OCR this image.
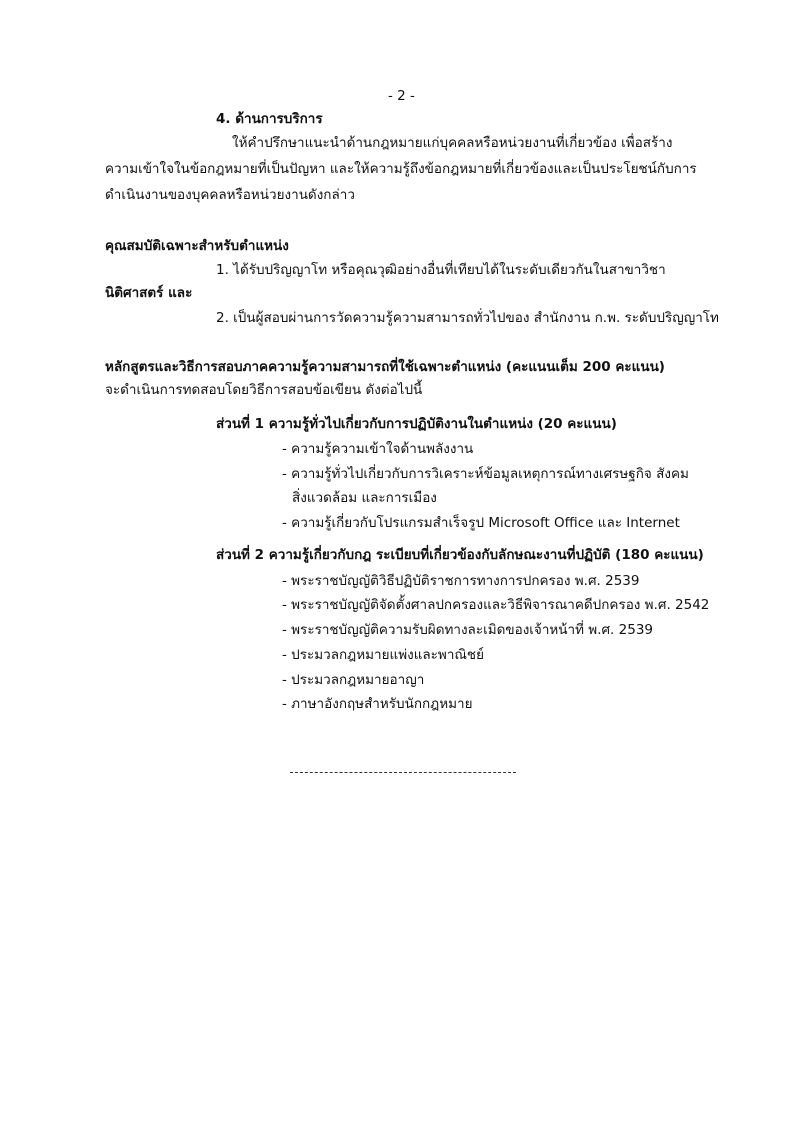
- 2 -
4. ด้านการบริการ
ให้คำปรึกษาแนะนำด้านกฎหมายแก่บุคคลหรือหน่วยงานที่เกี่ยวข้อง เพื่อสร้าง
ความเข้าใจในข้อกฎหมายที่เป็นปัญหา และให้ความรู้ถึงข้อกฎหมายที่เกี่ยวข้องและเป็นประโยชน์กับการ
ดำเนินงานของบุคคลหรือหน่วยงานดังกล่าว
คุณสมบัติเฉพาะสำหรับตำแหน่ง
1. ได้รับปริญญาโท หรือคุณวุฒิอย่างอื่นที่เทียบได้ในระดับเดียวกันในสาขาวิชา
นิติศาสตร์ และ
2. เป็นผู้สอบผ่านการวัดความรู้ความสามารถทั่วไปของ สำนักงาน ก.พ. ระดับปริญญาโท
หลักสูตรและวิธีการสอบภาคความรู้ความสามารถที่ใช้เฉพาะตำแหน่ง (คะแนนเต็ม 200 คะแนน)
จะดำเนินการทดสอบโดยวิธีการสอบข้อเขียน ดังต่อไปนี้
ส่วนที่ 1 ความรู้ทั่วไปเกี่ยวกับการปฏิบัติงานในตำแหน่ง (20 คะแนน)
- ความรู้ความเข้าใจด้านพลังงาน
- ความรู้ทั่วไปเกี่ยวกับการวิเคราะห์ข้อมูลเหตุการณ์ทางเศรษฐกิจ สังคม
สิ่งแวดล้อม และการเมือง
- ความรู้เกี่ยวกับโปรแกรมสำเร็จรูป Microsoft Office และ Internet
ส่วนที่ 2 ความรู้เกี่ยวกับกฎ ระเบียบที่เกี่ยวข้องกับลักษณะงานที่ปฏิบัติ (180 คะแนน)
- พระราชบัญญัติวิธีปฏิบัติราชการทางการปกครอง พ.ศ. 2539
- พระราชบัญญัติจัดตั้งศาลปกครองและวิธีพิจารณาคดีปกครอง พ.ศ. 2542
- พระราชบัญญัติความรับผิดทางละเมิดของเจ้าหน้าที่ พ.ศ. 2539
- ประมวลกฎหมายแพ่งและพาณิชย์
- ประมวลกฎหมายอาญา
- ภาษาอังกฤษสำหรับนักกฎหมาย
